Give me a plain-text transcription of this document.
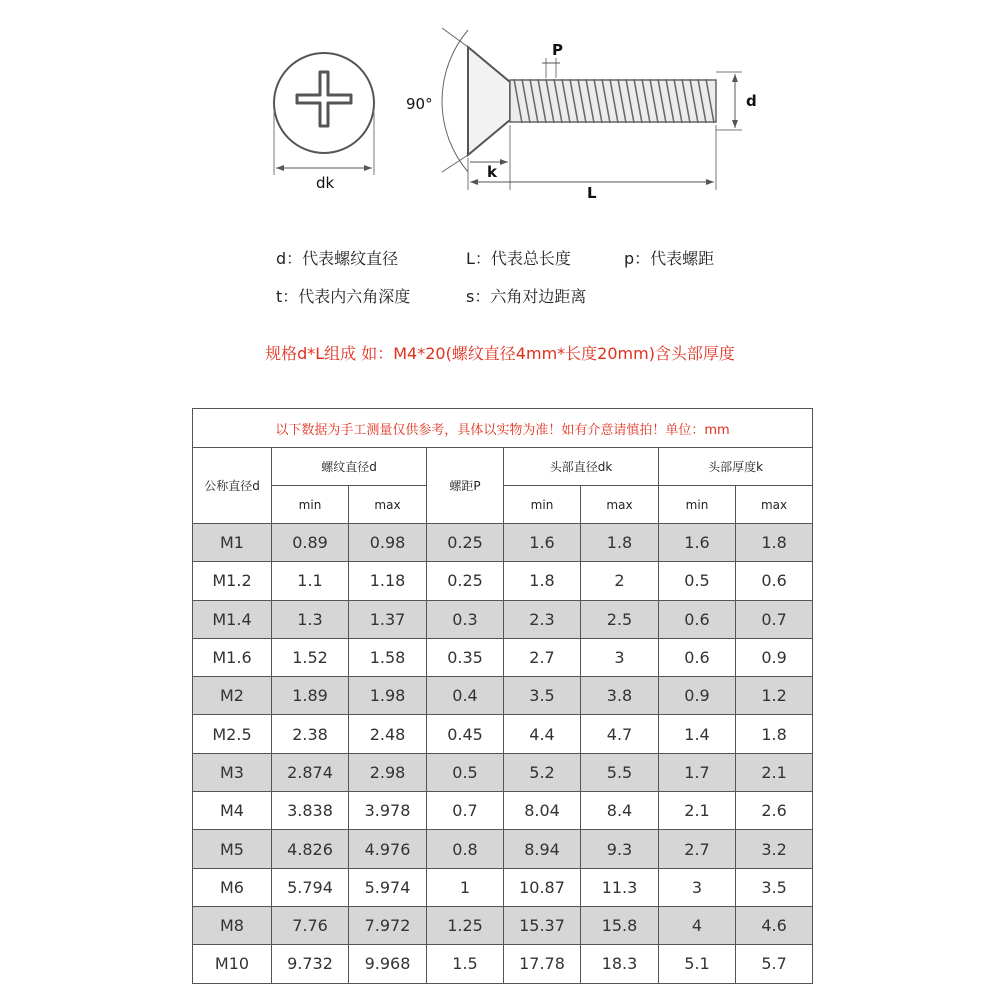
dk
90°
P
d
k
L
d：代表螺纹直径	L：代表总长度	p：代表螺距
t：代表内六角深度	s：六角对边距离
规格d*L组成 如：M4*20(螺纹直径4mm*长度20mm)含头部厚度
以下数据为手工测量仅供参考，具体以实物为准！如有介意请慎拍！单位：mm							
公称直径d	螺纹直径d		螺距P	头部直径dk		头部厚度k	
	min	max		min	max	min	max
M1	0.89	0.98	0.25	1.6	1.8	1.6	1.8
M1.2	1.1	1.18	0.25	1.8	2	0.5	0.6
M1.4	1.3	1.37	0.3	2.3	2.5	0.6	0.7
M1.6	1.52	1.58	0.35	2.7	3	0.6	0.9
M2	1.89	1.98	0.4	3.5	3.8	0.9	1.2
M2.5	2.38	2.48	0.45	4.4	4.7	1.4	1.8
M3	2.874	2.98	0.5	5.2	5.5	1.7	2.1
M4	3.838	3.978	0.7	8.04	8.4	2.1	2.6
M5	4.826	4.976	0.8	8.94	9.3	2.7	3.2
M6	5.794	5.974	1	10.87	11.3	3	3.5
M8	7.76	7.972	1.25	15.37	15.8	4	4.6
M10	9.732	9.968	1.5	17.78	18.3	5.1	5.7
